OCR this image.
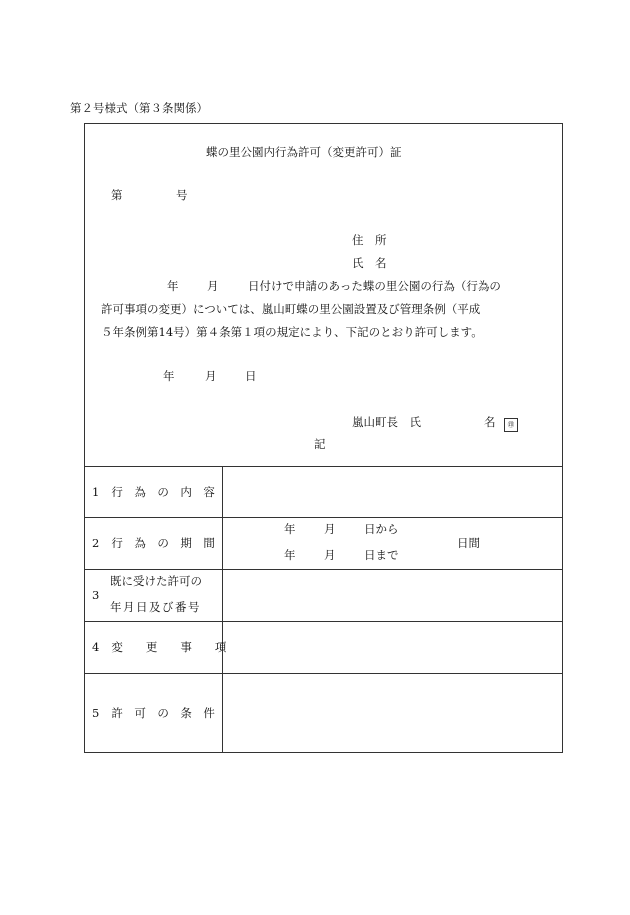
第２号様式（第３条関係）
蝶の里公園内行為許可（変更許可）証
第	号
住　所
氏　名
年 月	日付けで申請のあった蝶の里公園の行為（行為の
許可事項の変更）については、嵐山町蝶の里公園設置及び管理条例（平成
５年条例第14号）第４条第１項の規定により、下記のとおり許可します。
年	月 日
嵐山町長　氏	名 ㊞
記
1 行　為　の　内　容
2 行　為　の　期　間
年 月 日から
年 月 日まで
日間
3
既に受けた許可の
年月日及び番号
4 変　　更　　事　　項
5 許　可　の　条　件
